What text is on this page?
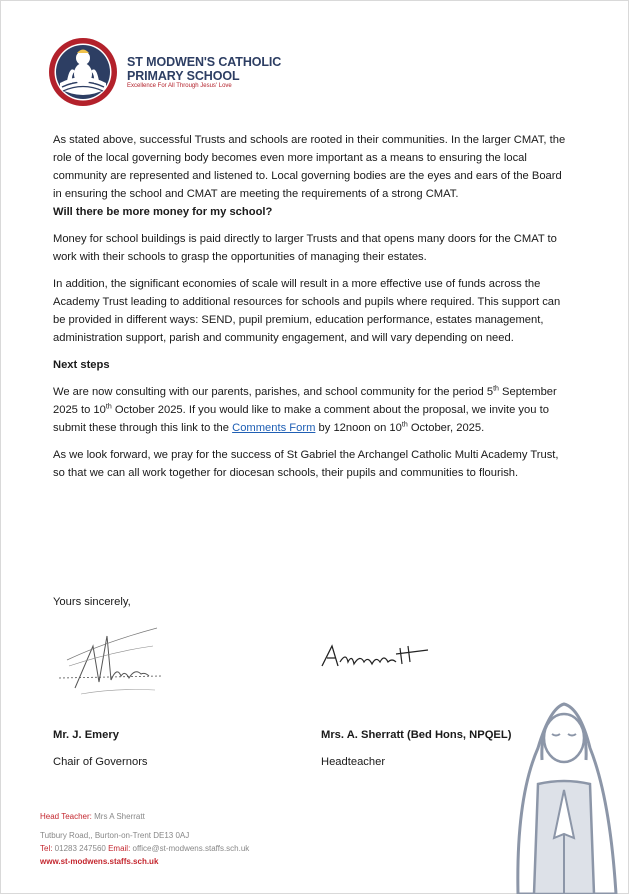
ST MODWEN'S CATHOLIC
PRIMARY SCHOOL
Excellence For All Through Jesus' Love

As stated above, successful Trusts and schools are rooted in their communities. In the larger CMAT, the role of the local governing body becomes even more important as a means to ensuring the local community are represented and listened to. Local governing bodies are the eyes and ears of the Board in ensuring the school and CMAT are meeting the requirements of a strong CMAT.

Will there be more money for my school?

Money for school buildings is paid directly to larger Trusts and that opens many doors for the CMAT to work with their schools to grasp the opportunities of managing their estates.

In addition, the significant economies of scale will result in a more effective use of funds across the Academy Trust leading to additional resources for schools and pupils where required. This support can be provided in different ways: SEND, pupil premium, education performance, estates management, administration support, parish and community engagement, and will vary depending on need.

Next steps

We are now consulting with our parents, parishes, and school community for the period 5th September 2025 to 10th October 2025. If you would like to make a comment about the proposal, we invite you to submit these through this link to the Comments Form by 12noon on 10th October, 2025.

As we look forward, we pray for the success of St Gabriel the Archangel Catholic Multi Academy Trust, so that we can all work together for diocesan schools, their pupils and communities to flourish.

Yours sincerely,
Mr. J. Emery
Chair of Governors
Mrs. A. Sherratt (Bed Hons, NPQEL)
Headteacher
Head Teacher: Mrs A Sherratt
Tutbury Road,, Burton-on-Trent DE13 0AJ
Tel: 01283 247560 Email: office@st-modwens.staffs.sch.uk
www.st-modwens.staffs.sch.uk
